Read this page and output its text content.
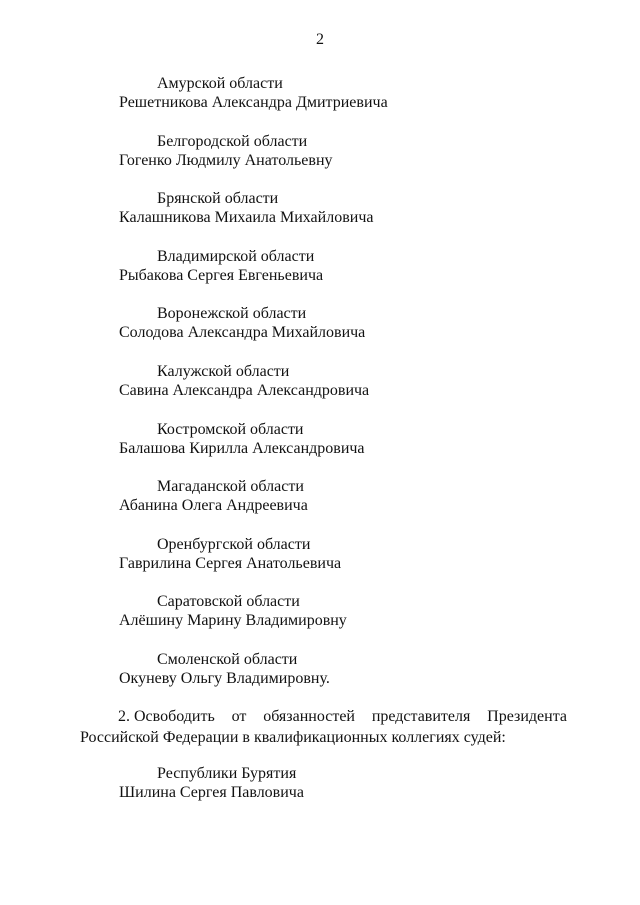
2
Амурской области
Решетникова Александра Дмитриевича
Белгородской области
Гогенко Людмилу Анатольевну
Брянской области
Калашникова Михаила Михайловича
Владимирской области
Рыбакова Сергея Евгеньевича
Воронежской области
Солодова Александра Михайловича
Калужской области
Савина Александра Александровича
Костромской области
Балашова Кирилла Александровича
Магаданской области
Абанина Олега Андреевича
Оренбургской области
Гаврилина Сергея Анатольевича
Саратовской области
Алёшину Марину Владимировну
Смоленской области
Окуневу Ольгу Владимировну.
2. Освободить от обязанностей представителя Президента
Российской Федерации в квалификационных коллегиях судей:
Республики Бурятия
Шилина Сергея Павловича
